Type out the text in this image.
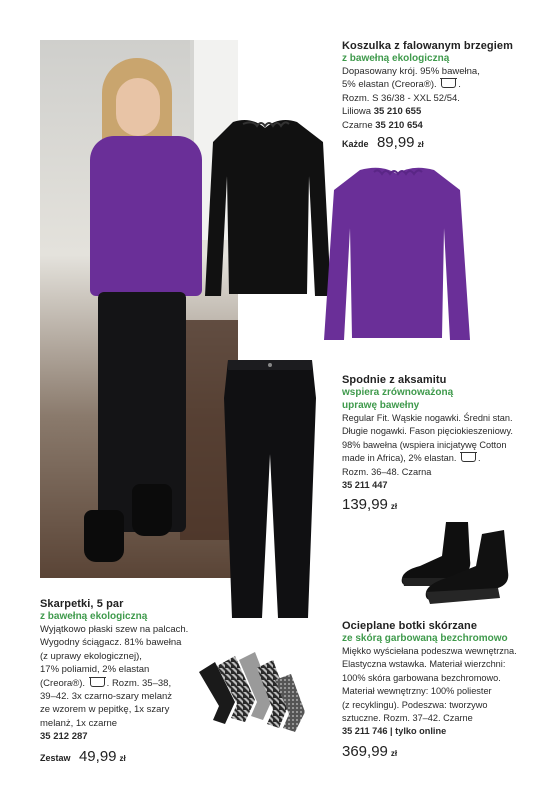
Koszulka z falowanym brzegiem
z bawełną ekologiczną
Dopasowany krój. 95% bawełna,
5% elastan (Creora®). .
Rozm. S 36/38 - XXL 52/54.
Liliowa 35 210 655
Czarne 35 210 654
Każde 89,99 zł
Spodnie z aksamitu
wspiera zrównoważoną
uprawę bawełny
Regular Fit. Wąskie nogawki. Średni stan.
Długie nogawki. Fason pięciokieszeniowy.
98% bawełna (wspiera inicjatywę Cotton
made in Africa), 2% elastan. .
Rozm. 36–48. Czarna
35 211 447
139,99 zł
Skarpetki, 5 par
z bawełną ekologiczną
Wyjątkowo płaski szew na palcach.
Wygodny ściągacz. 81% bawełna
(z uprawy ekologicznej),
17% poliamid, 2% elastan
(Creora®). . Rozm. 35–38,
39–42. 3x czarno-szary melanż
ze wzorem w pepitkę, 1x szary
melanż, 1x czarne
35 212 287
Zestaw 49,99 zł
Ocieplane botki skórzane
ze skórą garbowaną bezchromowo
Miękko wyściełana podeszwa wewnętrzna.
Elastyczna wstawka. Materiał wierzchni:
100% skóra garbowana bezchromowo.
Materiał wewnętrzny: 100% poliester
(z recyklingu). Podeszwa: tworzywo
sztuczne. Rozm. 37–42. Czarne
35 211 746 | tylko online
369,99 zł
